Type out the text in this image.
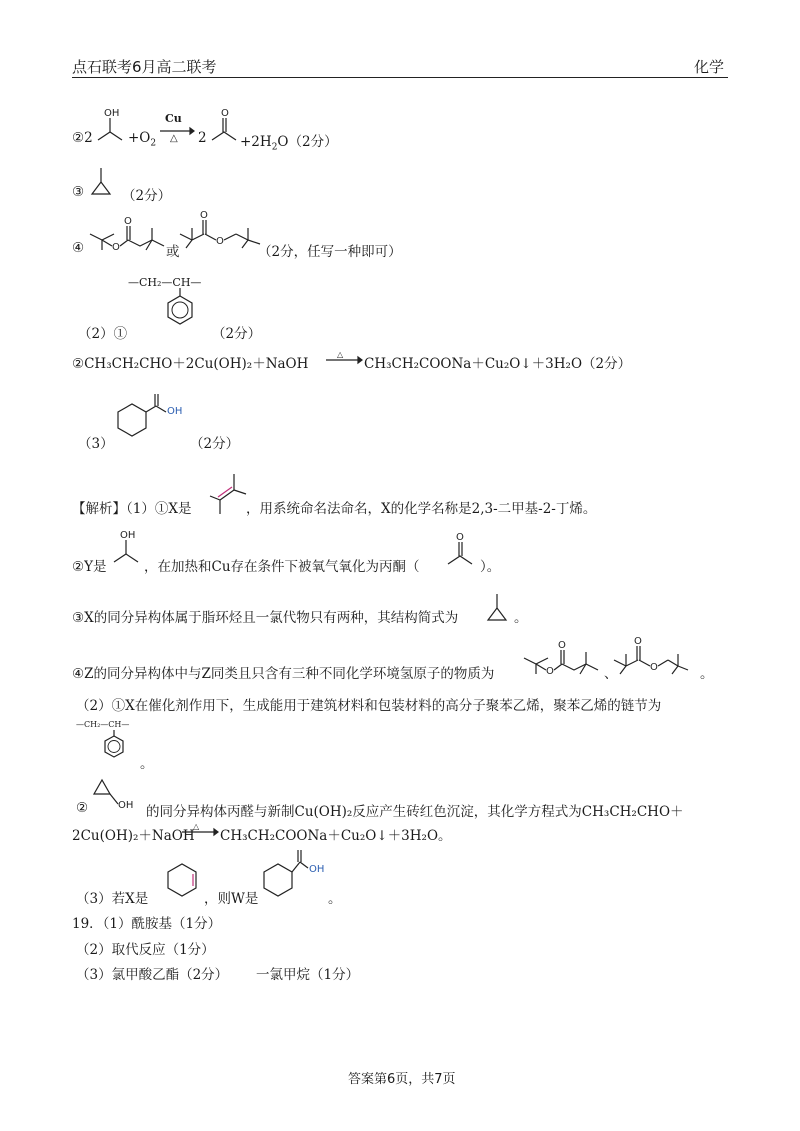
点石联考6月高二联考	化学
②2
OH
$+O_2$
Cu
△ 2
O
$+2H_2O(2$分）
③	（2分）
④	O
O
或
O
O
（2分，任写一种即可）
—CH₂—CH—
（2）①	（2分）
②CH₃CH₂CHO＋2Cu(OH)₂＋NaOH
△
CH₃CH₂COONa＋Cu₂O↓＋3H₂O（2分）
OH
（3）	（2分）
【解析】（1）①X是	，用系统命名法命名，X的化学名称是2,3-二甲基-2-丁烯。
②Y是
OH
，在加热和Cu存在条件下被氧气氧化为丙酮（
O
）。
③X的同分异构体属于脂环烃且一氯代物只有两种，其结构简式为	。
④Z的同分异构体中与Z同类且只含有三种不同化学环境氢原子的物质为	O
O
、
O
O	。
（2）①X在催化剂作用下，生成能用于建筑材料和包装材料的高分子聚苯乙烯，聚苯乙烯的链节为
—CH₂—CH—
。
②	OH 的同分异构体丙醛与新制Cu(OH)₂反应产生砖红色沉淀，其化学方程式为CH₃CH₂CHO＋
2Cu(OH)₂＋NaOH
△
CH₃CH₂COONa＋Cu₂O↓＋3H₂O。
（3）若X是	，则W是
OH
。
19．（1）酰胺基（1分）
（2）取代反应（1分）
（3）氯甲酸乙酯（2分） 一氯甲烷（1分）
答案第6页，共7页
